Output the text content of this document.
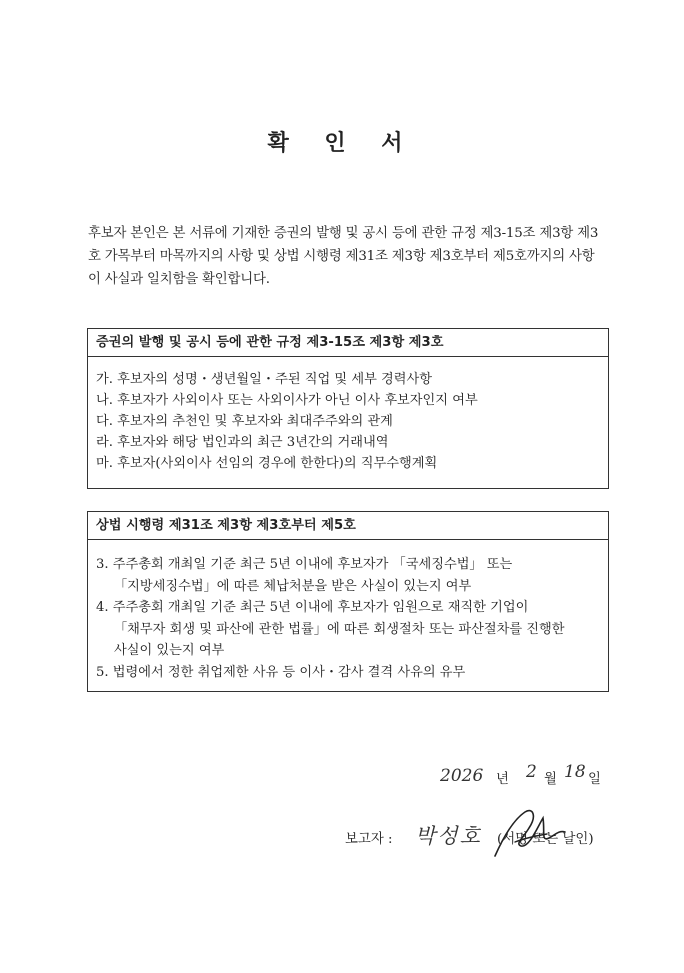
확 인 서
후보자 본인은 본 서류에 기재한 증권의 발행 및 공시 등에 관한 규정 제3-15조 제3항 제3호 가목부터 마목까지의 사항 및 상법 시행령 제31조 제3항 제3호부터 제5호까지의 사항이 사실과 일치함을 확인합니다.
증권의 발행 및 공시 등에 관한 규정 제3-15조 제3항 제3호
가. 후보자의 성명・생년월일・주된 직업 및 세부 경력사항
나. 후보자가 사외이사 또는 사외이사가 아닌 이사 후보자인지 여부
다. 후보자의 추천인 및 후보자와 최대주주와의 관계
라. 후보자와 해당 법인과의 최근 3년간의 거래내역
마. 후보자(사외이사 선임의 경우에 한한다)의 직무수행계획
상법 시행령 제31조 제3항 제3호부터 제5호
3. 주주총회 개최일 기준 최근 5년 이내에 후보자가 「국세징수법」 또는
「지방세징수법」에 따른 체납처분을 받은 사실이 있는지 여부
4. 주주총회 개최일 기준 최근 5년 이내에 후보자가 임원으로 재직한 기업이
「채무자 회생 및 파산에 관한 법률」에 따른 회생절차 또는 파산절차를 진행한
사실이 있는지 여부
5. 법령에서 정한 취업제한 사유 등 이사・감사 결격 사유의 유무
2026 년 2 월 18 일
보고자 : 박성호 (서명 또는 날인)
